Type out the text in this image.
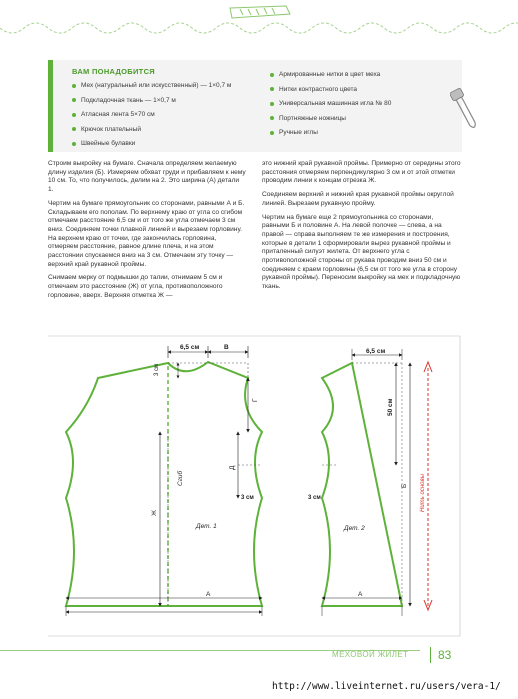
ВАМ ПОНАДОБИТСЯ
Мех (натуральный или искусственный) — 1×0,7 м
Подкладочная ткань — 1×0,7 м
Атласная лента 5×70 см
Крючок плательный
Швейные булавки
Армированные нитки в цвет меха
Нитки контрастного цвета
Универсальная машинная игла № 80
Портняжные ножницы
Ручные иглы

Строим выкройку на бумаге. Сначала определяем желаемую длину изделия (Б). Измеряем обхват груди и прибавляем к нему 10 см. То, что получилось, делим на 2. Это ширина (А) детали 1.

Чертим на бумаге прямоугольник со сторонами, равными А и Б. Складываем его пополам. По верхнему краю от угла со сгибом отмечаем расстояние 6,5 см и от того же угла отмечаем 3 см вниз. Соединяем точки плавной линией и вырезаем горловину. На верхнем краю от точки, где закончилась горловина, отмеряем расстояние, равное длине плеча, и на этом расстоянии спускаемся вниз на 3 см. Отмечаем эту точку — верхний край рукавной проймы.

Снимаем мерку от подмышки до талии, отнимаем 5 см и отмечаем это расстояние (Ж) от угла, противоположного горловине, вверх. Верхняя отметка Ж —

это нижний край рукавной проймы. Примерно от середины этого расстояния отмеряем перпендикулярно 3 см и от этой отметки проводим линии к концам отрезка Ж.

Соединяем верхний и нижний края рукавной проймы округлой линией. Вырезаем рукавную пройму.

Чертим на бумаге еще 2 прямоугольника со сторонами, равными Б и половине А. На левой полочке — слева, а на правой — справа выполняем те же измерения и построения, которые в детали 1 сформировали вырез рукавной проймы и приталенный силуэт жилета. От верхнего угла с противоположной стороны от рукава проводим вниз 50 см и соединяем с краем горловины (6,5 см от того же угла в сторону рукавной проймы). Переносим выкройку на мех и подкладочную ткань.

6,5 см	В
3 см
Г
Д
3 см
Сгиб
Ж
Дет. 1
А
6,5 см
3 см
50 см
Б
Дет. 2
А
Нить основы
МЕХОВОЙ ЖИЛЕТ 83
http://www.liveinternet.ru/users/vera-1/
